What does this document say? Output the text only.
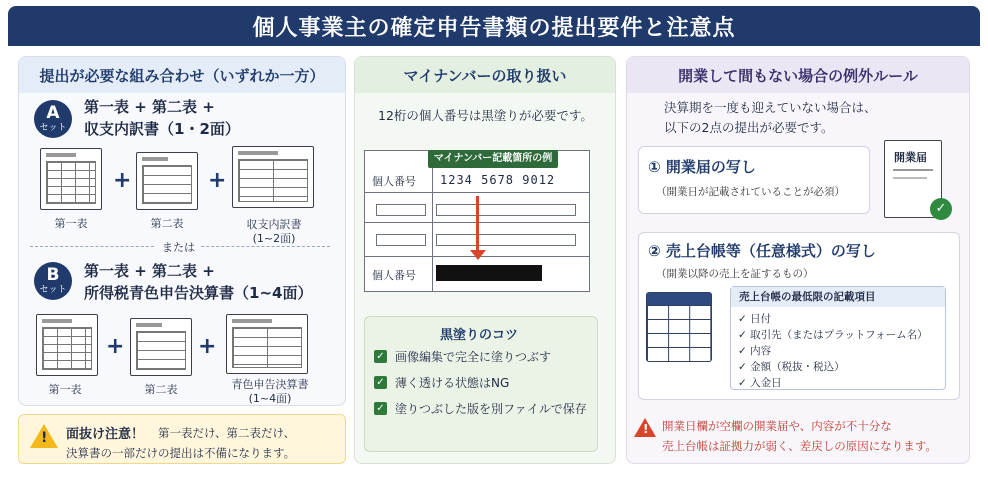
個人事業主の確定申告書類の提出要件と注意点
提出が必要な組み合わせ（いずれか一方）
A
セット
第一表 + 第二表 +
収支内訳書（1・2面）
+	+
第一表	第二表	収支内訳書
(1~2面)
または
B
セット
第一表 + 第二表 +
所得税青色申告決算書（1~4面）
+	+
第一表	第二表	青色申告決算書
(1~4面)
! 面抜け注意！ 第一表だけ、第二表だけ、
決算書の一部だけの提出は不備になります。
マイナンバーの取り扱い
12桁の個人番号は黒塗りが必要です。
マイナンバー記載箇所の例
個人番号 1234 5678 9012
個人番号
黒塗りのコツ
✓ 画像編集で完全に塗りつぶす
✓ 薄く透ける状態はNG
✓ 塗りつぶした版を別ファイルで保存
開業して間もない場合の例外ルール
決算期を一度も迎えていない場合は、
以下の2点の提出が必要です。
① 開業届の写し
（開業日が記載されていることが必須）
開業届
✓
② 売上台帳等（任意様式）の写し
（開業以降の売上を証するもの）
売上台帳の最低限の記載項目
✓ 日付
✓ 取引先（またはプラットフォーム名）
✓ 内容
✓ 金額（税抜・税込）
✓ 入金日
! 開業日欄が空欄の開業届や、内容が不十分な
売上台帳は証拠力が弱く、差戻しの原因になります。
